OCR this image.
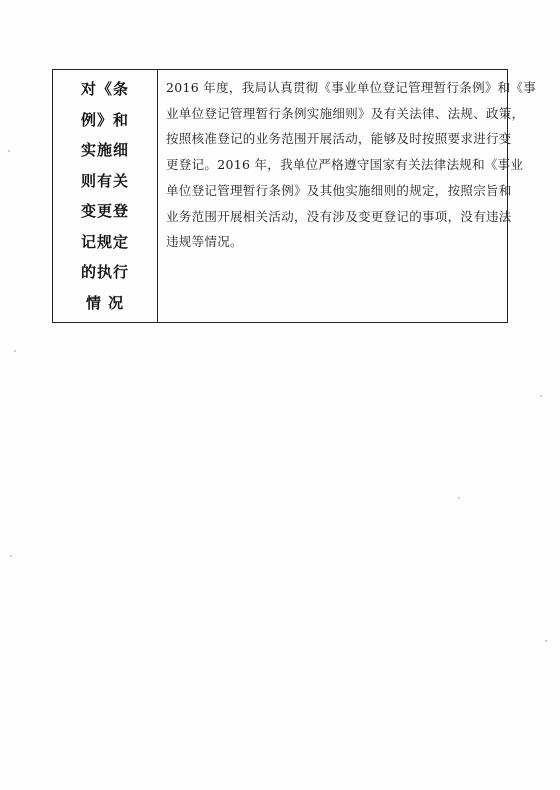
对《条
例》和
实施细
则有关
变更登
记规定
的执行
情 况

2016 年度，我局认真贯彻《事业单位登记管理暂行条例》和《事
业单位登记管理暂行条例实施细则》及有关法律、法规、政策，
按照核准登记的业务范围开展活动，能够及时按照要求进行变
更登记。2016 年，我单位严格遵守国家有关法律法规和《事业
单位登记管理暂行条例》及其他实施细则的规定，按照宗旨和
业务范围开展相关活动，没有涉及变更登记的事项，没有违法
违规等情况。
